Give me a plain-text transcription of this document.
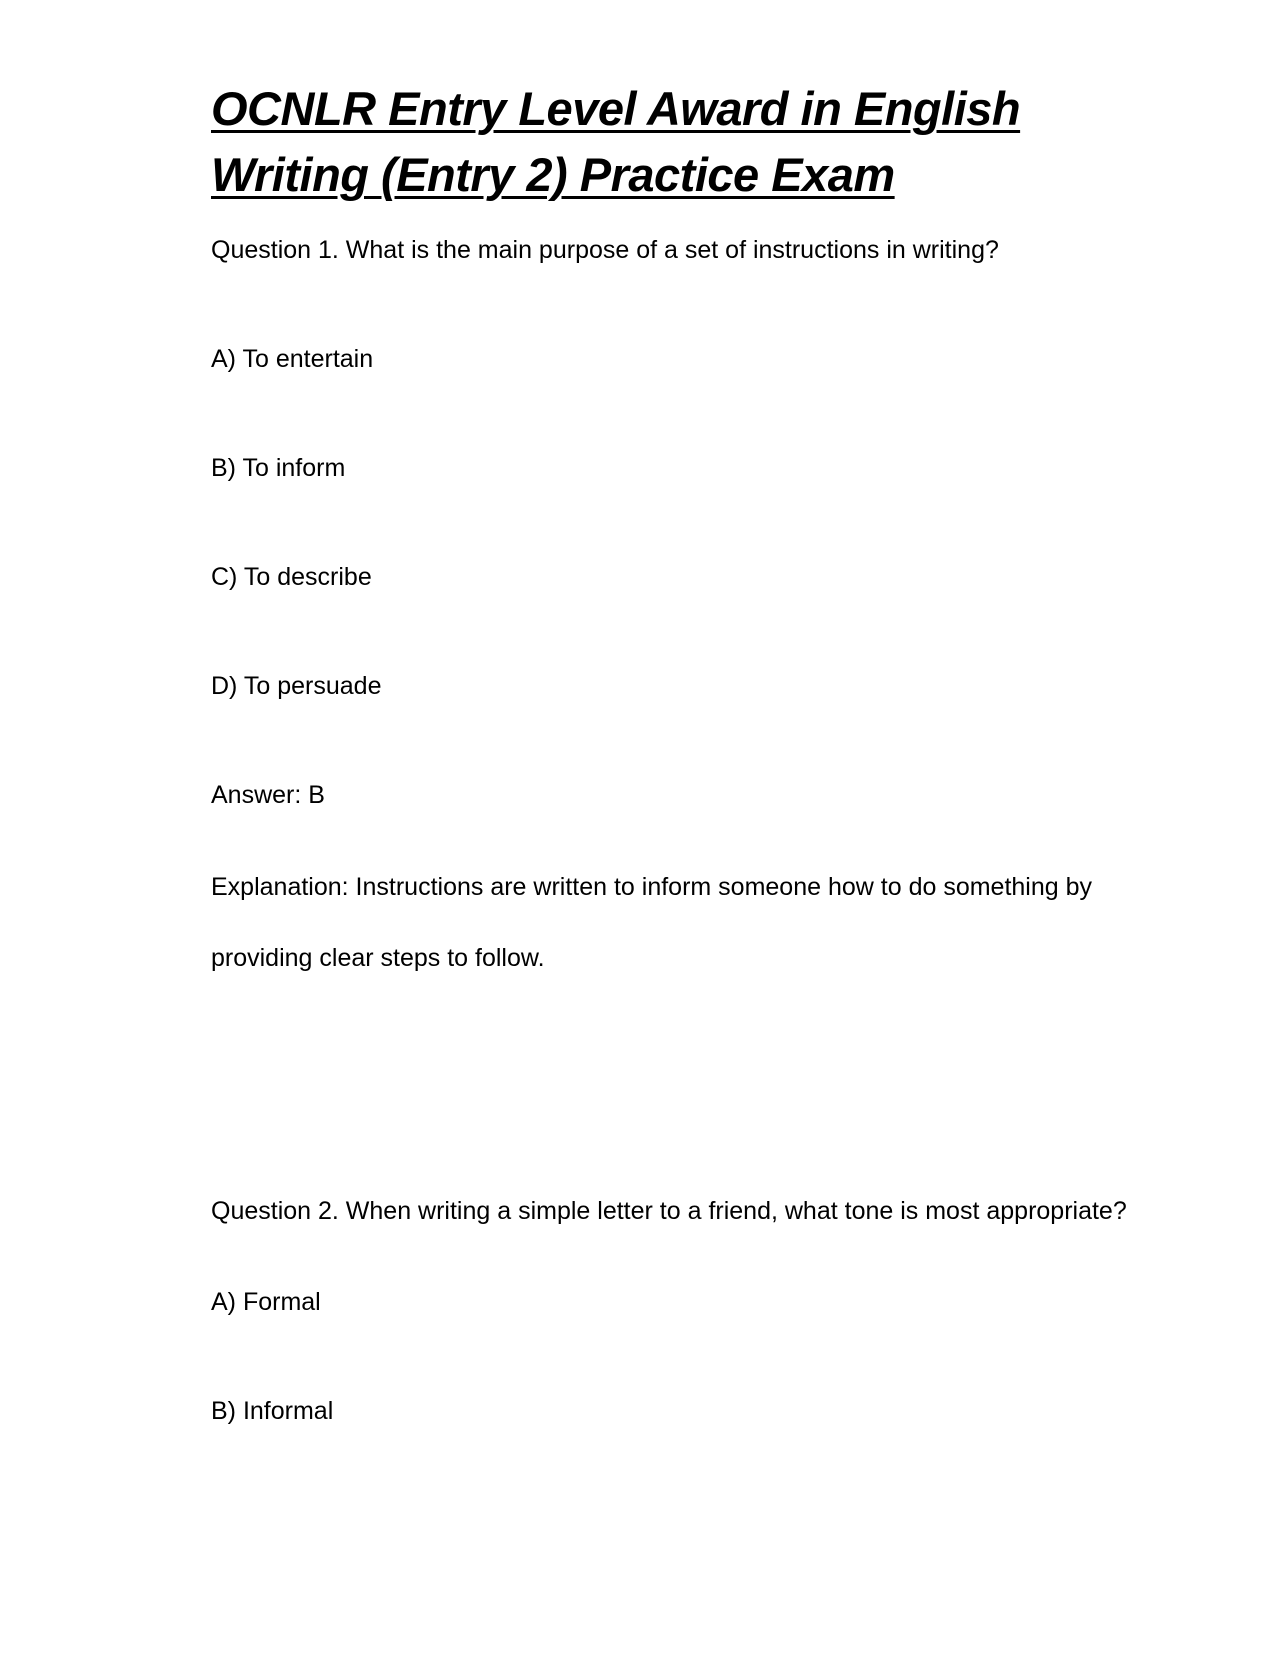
OCNLR Entry Level Award in English Writing (Entry 2) Practice Exam

Question 1. What is the main purpose of a set of instructions in writing?

A) To entertain

B) To inform

C) To describe

D) To persuade

Answer: B

Explanation: Instructions are written to inform someone how to do something by providing clear steps to follow.

Question 2. When writing a simple letter to a friend, what tone is most appropriate?

A) Formal

B) Informal
